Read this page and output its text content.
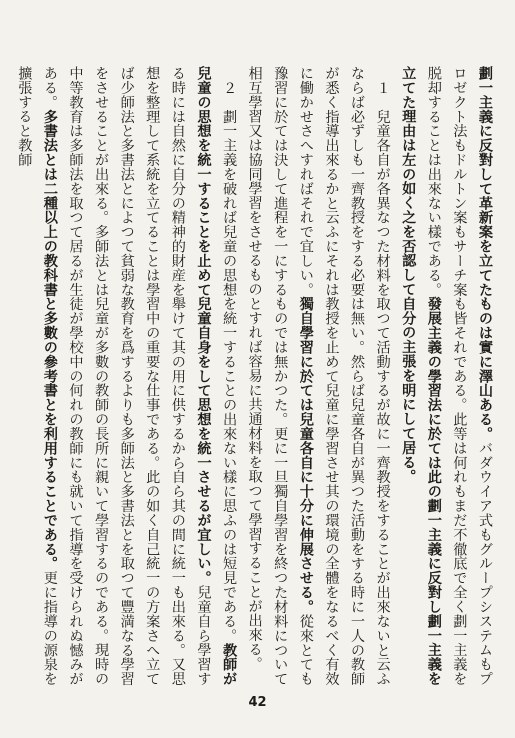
劃一主義に反對して革新案を立てたものは實に澤山ある。バダウイア式もグループシステムもプロゼクト法もドルトン案もサーチ案も皆それである。此等は何れもまだ不徹底で全く劃一主義を脱却することは出來ない樣である。發展主義の學習法に於ては此の劃一主義に反對し劃一主義を立てた理由は左の如く之を否認して自分の主張を明にして居る。

　１　兒童各自が各異なつた材料を取つて活動するが故に一齊教授をすることが出來ないと云ふならば必ずしも一齊教授をする必要は無い。然らば兒童各自が異つた活動をする時に一人の教師が悉く指導出來るかと云ふにそれは教授を止めて兒童に學習させ其の環境の全體をなるべく有效に働かせさへすればそれで宜しい。獨自學習に於ては兒童各自に十分に伸展させる。從來とても豫習に於ては決して進程を一にするものでは無かつた。更に一旦獨自學習を終つた材料について相互學習又は協同學習をさせるものとすれば容易に共通材料を取つて學習することが出來る。

　２　劃一主義を破れば兒童の思想を統一することの出來ない樣に思ふのは短見である。教師が兒童の思想を統一することを止めて兒童自身をして思想を統一させるが宜しい。兒童自ら學習する時には自然に自分の精神的財産を舉けて其の用に供するから自ら其の間に統一も出來る。又思想を整理して系統を立てることは學習中の重要な仕事である。此の如く自己統一の方案さへ立てば少師法と多書法とによつて貧弱な教育を爲するよりも多師法と多書法とを取つて豐満なる學習をさせることが出來る。多師法とは兒童が多數の教師の長所に親いて學習するのである。現時の中等教育は多師法を取つて居るが生徒が學校中の何れの教師にも就いて指導を受けられぬ憾みがある。多書法とは二種以上の教科書と多數の參考書とを利用することである。更に指導の源泉を擴張すると教師

42
